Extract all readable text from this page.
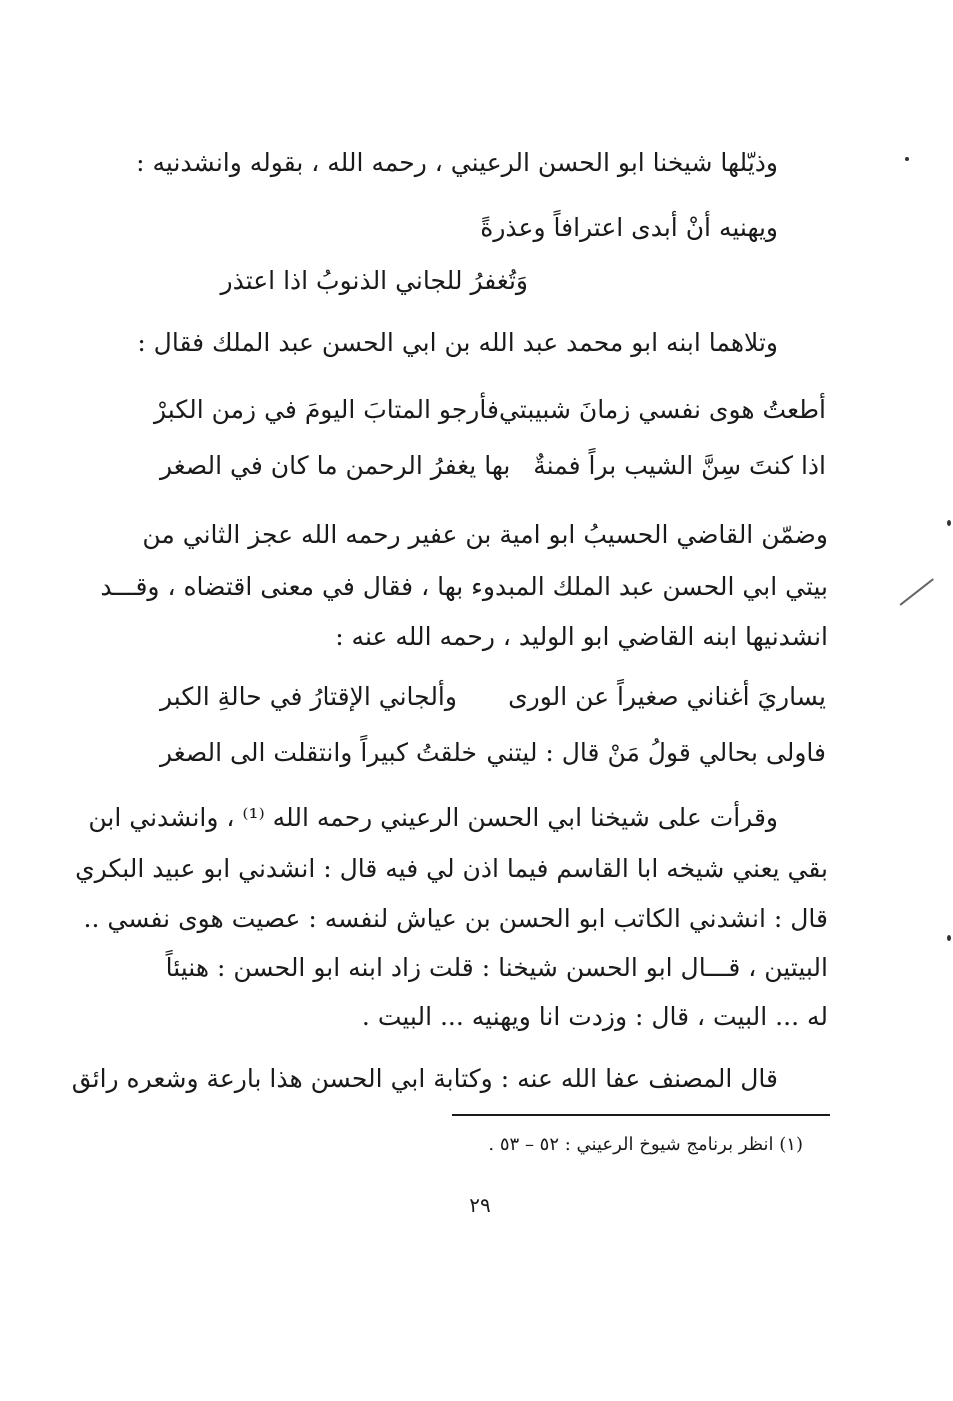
وذيّلها شيخنا ابو الحسن الرعيني ، رحمه الله ، بقوله وانشدنيه :
ويهنيه أنْ أبدى اعترافاً وعذرةً
وَتُغفرُ للجاني الذنوبُ اذا اعتذر
وتلاهما ابنه ابو محمد عبد الله بن ابي الحسن عبد الملك فقال :
أطعتُ هوى نفسي زمانَ شبيبتي
فأرجو المتابَ اليومَ في زمن الكبرْ
اذا كنتَ سِنَّ الشيب براً فمنةٌ
بها يغفرُ الرحمن ما كان في الصغر
وضمّن القاضي الحسيبُ ابو امية بن عفير رحمه الله عجز الثاني من
بيتي ابي الحسن عبد الملك المبدوء بها ، فقال في معنى اقتضاه ، وقـــد
انشدنيها ابنه القاضي ابو الوليد ، رحمه الله عنه :
يساريَ أغناني صغيراً عن الورى
وألجاني الإقتارُ في حالةِ الكبر
فاولى بحالي قولُ مَنْ قال : ليتني
خلقتُ كبيراً وانتقلت الى الصغر
وقرأت على شيخنا ابي الحسن الرعيني رحمه الله ⁽¹⁾ ، وانشدني ابن
بقي يعني شيخه ابا القاسم فيما اذن لي فيه قال : انشدني ابو عبيد البكري
قال : انشدني الكاتب ابو الحسن بن عياش لنفسه : عصيت هوى نفسي ..
البيتين ، قـــال ابو الحسن شيخنا : قلت زاد ابنه ابو الحسن : هنيئاً
له ... البيت ، قال : وزدت انا ويهنيه ... البيت .
قال المصنف عفا الله عنه : وكتابة ابي الحسن هذا بارعة وشعره رائق
(١) انظر برنامج شيوخ الرعيني : ٥٢ – ٥٣ .
٢٩
